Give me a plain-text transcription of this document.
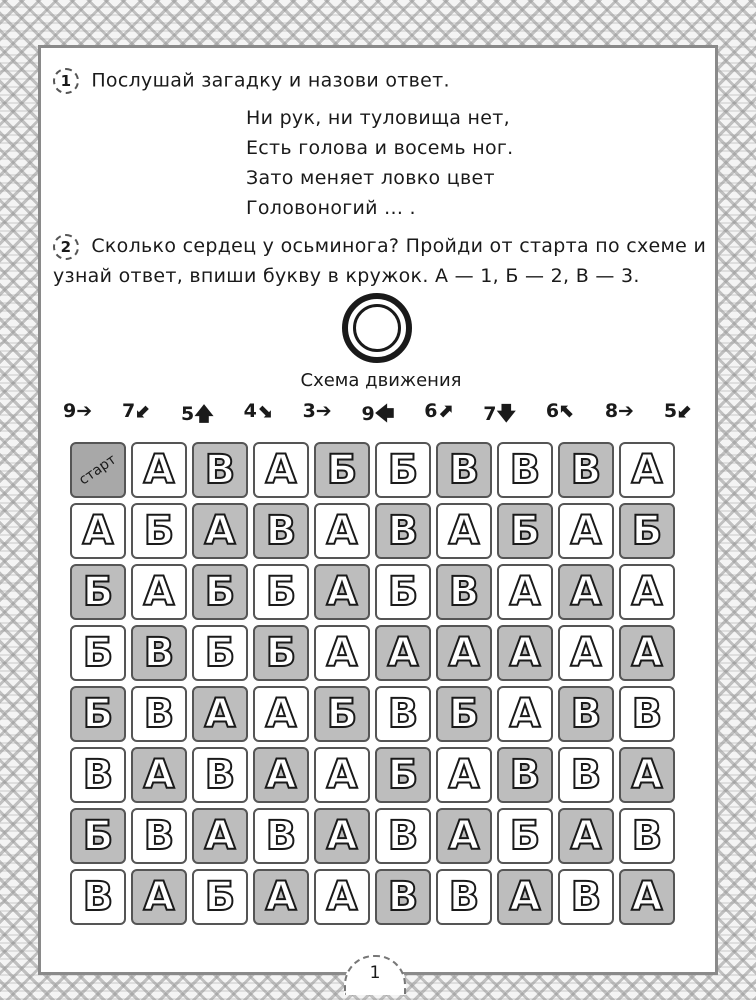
1 Послушай загадку и назови ответ.
Ни рук, ни туловища нет,
Есть голова и восемь ног.
Зато меняет ловко цвет
Головоногий ... .
2 Сколько сердец у осьминога? Пройди от старта по схеме и
узнай ответ, впиши букву в кружок. А — 1, Б — 2, В — 3.
Схема движения
9➔ 7⬋ 5🡅 4⬊ 3➔ 9🡄 6⬈ 7🡇 6⬉ 8➔ 5⬋
старт А В А Б Б В В В А
А Б А В А В А Б А Б
Б А Б Б А Б В А А А
Б В Б Б А А А А А А
Б В А А Б В Б А В В
В А В А А Б А В В А
Б В А В А В А Б А В
В А Б А А В В А В А
1
